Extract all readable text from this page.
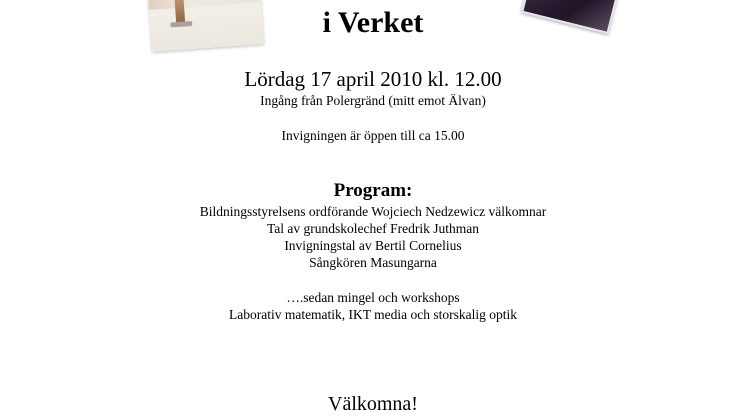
i Verket
Lördag 17 april 2010 kl. 12.00
Ingång från Polergränd (mitt emot Älvan)
Invigningen är öppen till ca 15.00
Program:
Bildningsstyrelsens ordförande Wojciech Nedzewicz välkomnar
Tal av grundskolechef Fredrik Juthman
Invigningstal av Bertil Cornelius
Sångkören Masungarna
….sedan mingel och workshops
Laborativ matematik, IKT media och storskalig optik
Välkomna!
